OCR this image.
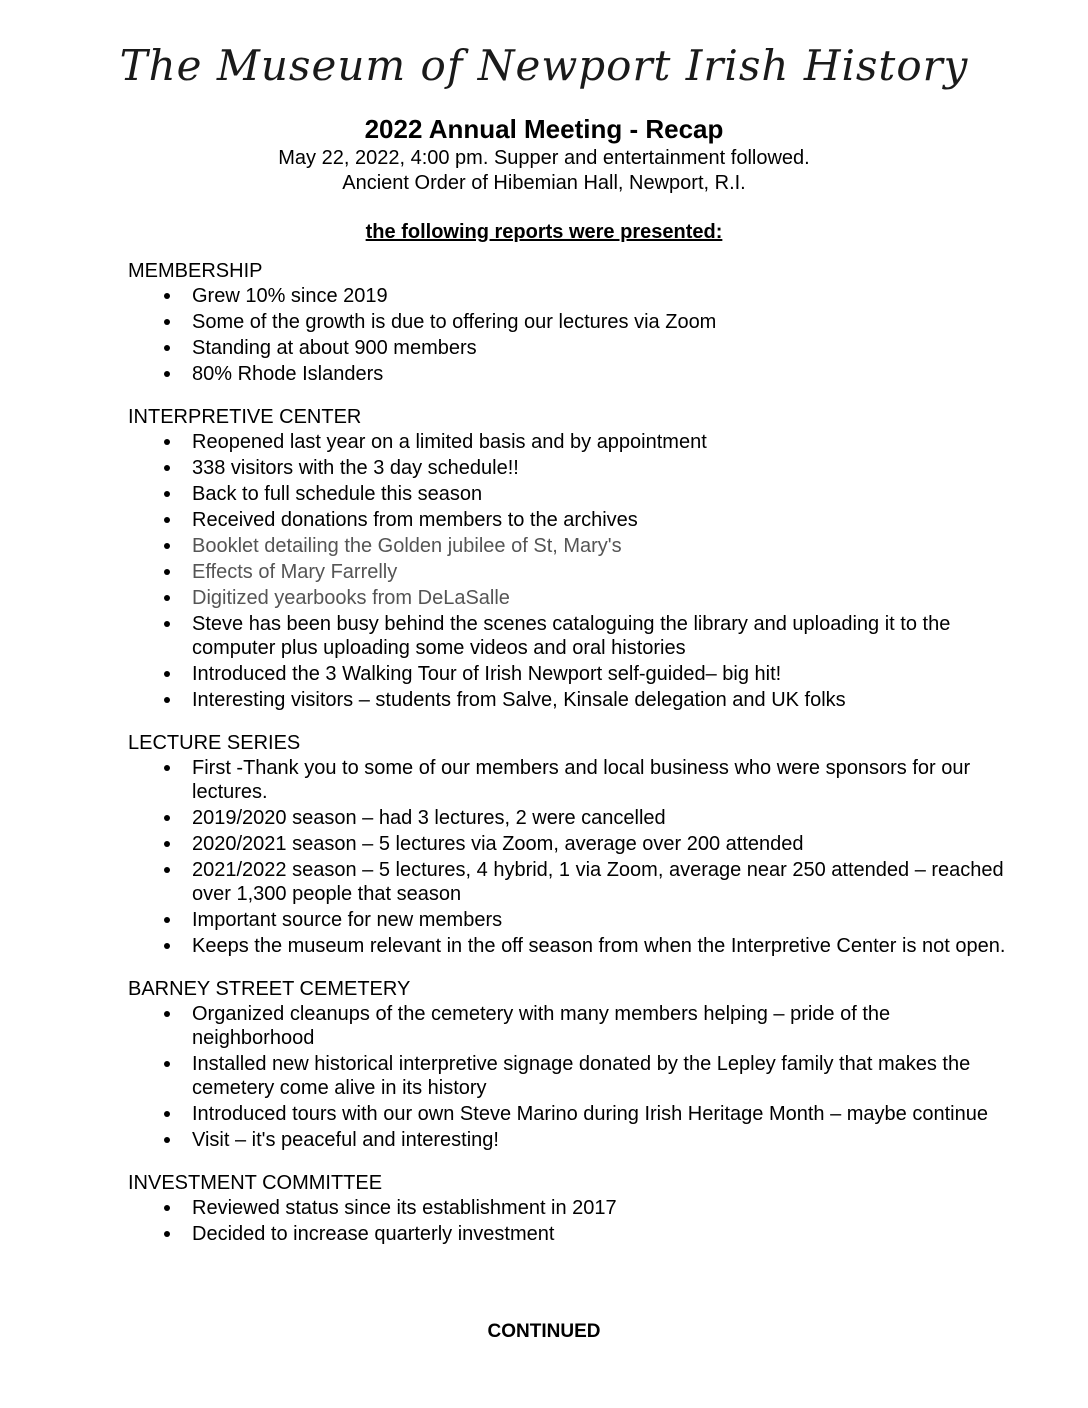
The Museum of Newport Irish History
2022 Annual Meeting - Recap
May 22, 2022, 4:00 pm. Supper and entertainment followed.
Ancient Order of Hibemian Hall, Newport, R.I.
the following reports were presented:
MEMBERSHIP
Grew 10% since 2019
Some of the growth is due to offering our lectures via Zoom
Standing at about 900 members
80% Rhode Islanders
INTERPRETIVE CENTER
Reopened last year on a limited basis and by appointment
338 visitors with the 3 day schedule!!
Back to full schedule this season
Received donations from members to the archives
Booklet detailing the Golden jubilee of St, Mary's
Effects of Mary Farrelly
Digitized yearbooks from DeLaSalle
Steve has been busy behind the scenes cataloguing the library and uploading it to the computer plus uploading some videos and oral histories
Introduced the 3 Walking Tour of Irish Newport self-guided– big hit!
Interesting visitors – students from Salve, Kinsale delegation and UK folks
LECTURE SERIES
First -Thank you to some of our members and local business who were sponsors for our lectures.
2019/2020 season – had 3 lectures, 2 were cancelled
2020/2021 season – 5 lectures via Zoom, average over 200 attended
2021/2022 season – 5 lectures, 4 hybrid, 1 via Zoom, average near 250 attended – reached over 1,300 people that season
Important source for new members
Keeps the museum relevant in the off season from when the Interpretive Center is not open.
BARNEY STREET CEMETERY
Organized cleanups of the cemetery with many members helping – pride of the neighborhood
Installed new historical interpretive signage donated by the Lepley family that makes the cemetery come alive in its history
Introduced tours with our own Steve Marino during Irish Heritage Month – maybe continue
Visit – it's peaceful and interesting!
INVESTMENT COMMITTEE
Reviewed status since its establishment in 2017
Decided to increase quarterly investment
CONTINUED
